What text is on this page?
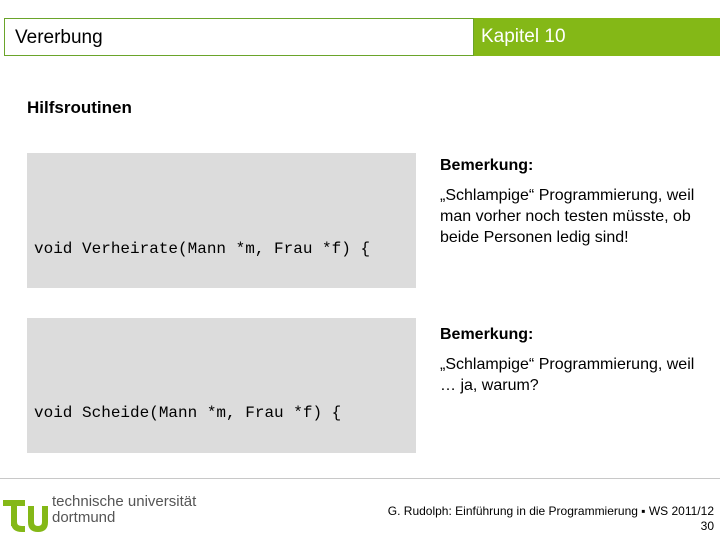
Vererbung	Kapitel 10
Hilfsroutinen

void Verheirate(Mann *m, Frau *f) {

Bemerkung:
„Schlampige“ Programmierung, weil man vorher noch testen müsste, ob beide Personen ledig sind!

void Scheide(Mann *m, Frau *f) {

Bemerkung:
„Schlampige“ Programmierung, weil … ja, warum?
technische universität
dortmund	G. Rudolph: Einführung in die Programmierung ▪ WS 2011/12
30
